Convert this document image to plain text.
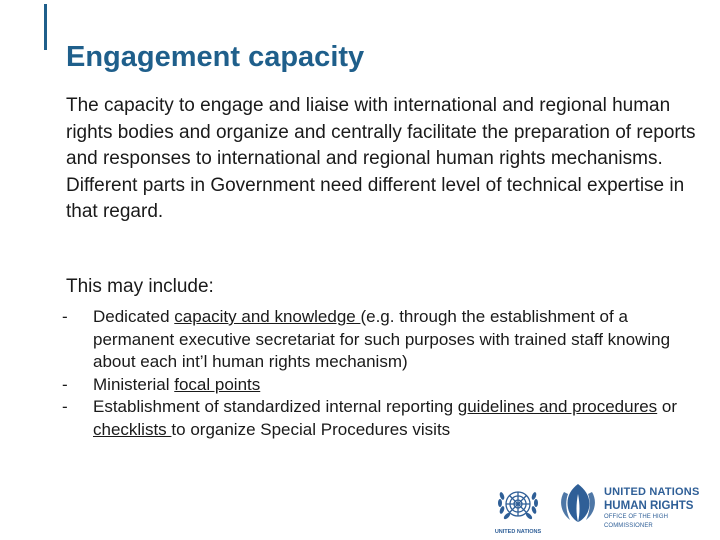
Engagement capacity

The capacity to engage and liaise with international and regional human rights bodies and organize and centrally facilitate the preparation of reports and responses to international and regional human rights mechanisms. Different parts in Government need different level of technical expertise in that regard.

This may include:

- Dedicated capacity and knowledge (e.g. through the establishment of a permanent executive secretariat for such purposes with trained staff knowing about each int’l human rights mechanism)
- Ministerial focal points
- Establishment of standardized internal reporting guidelines and procedures or checklists to organize Special Procedures visits
UNITED NATIONS
UNITED NATIONS
HUMAN RIGHTS
OFFICE OF THE HIGH COMMISSIONER
